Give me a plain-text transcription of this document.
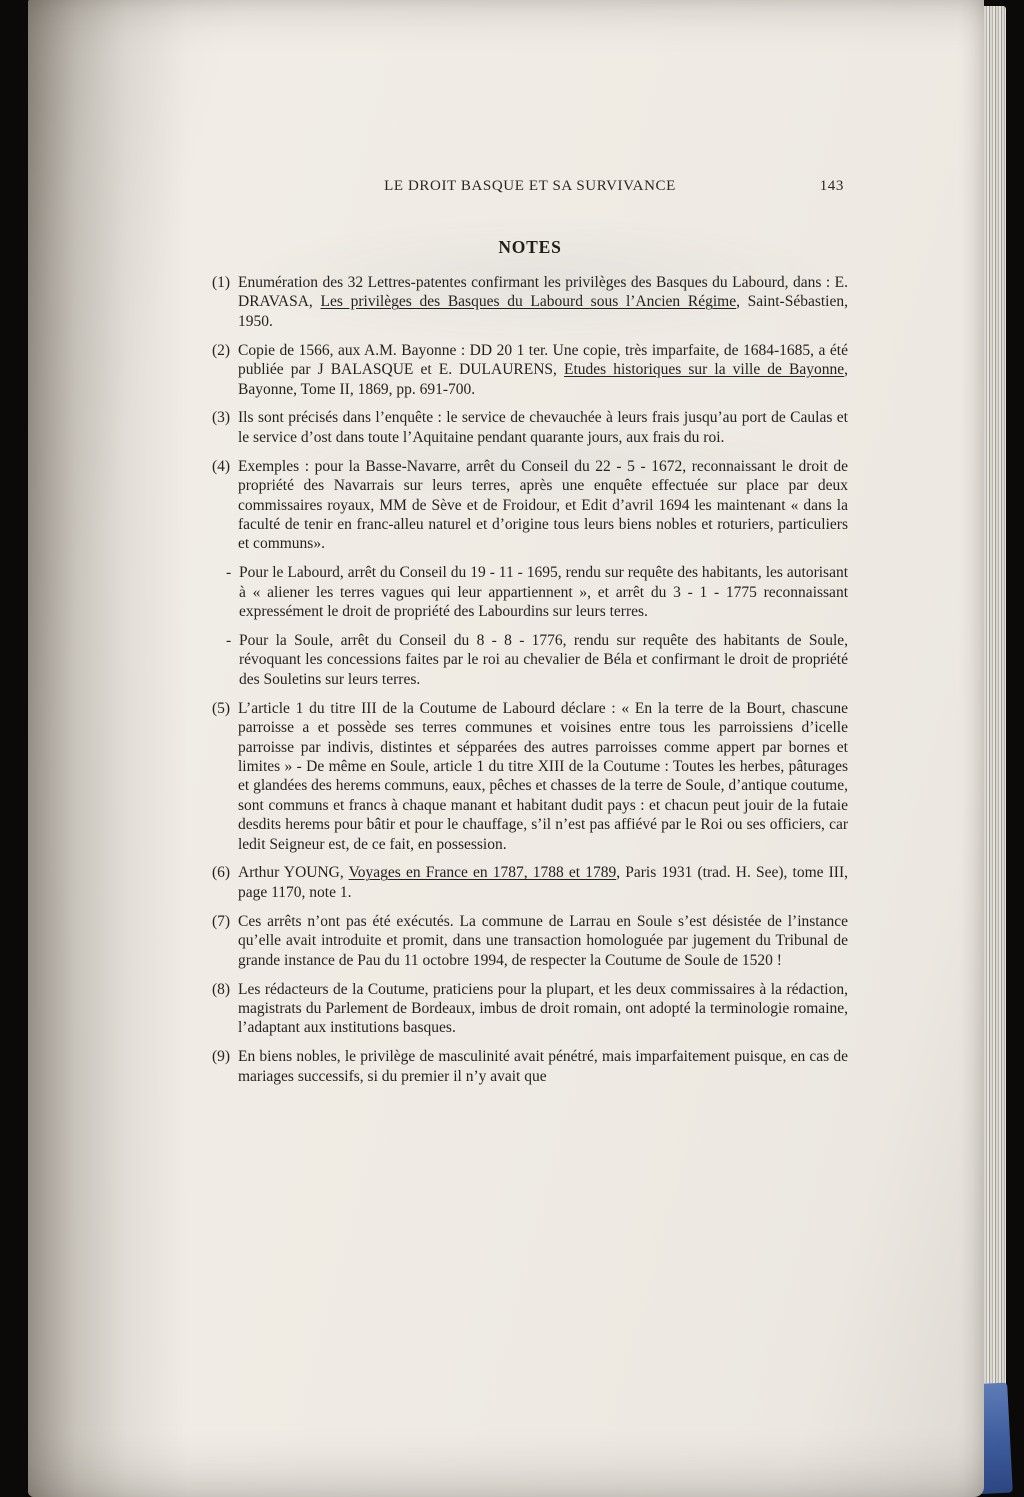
LE DROIT BASQUE ET SA SURVIVANCE	143
NOTES
(1) Enumération des 32 Lettres-patentes confirmant les privilèges des Basques du Labourd, dans : E. DRAVASA, Les privilèges des Basques du Labourd sous l’Ancien Régime, Saint-Sébastien, 1950.
(2) Copie de 1566, aux A.M. Bayonne : DD 20 1 ter. Une copie, très imparfaite, de 1684-1685, a été publiée par J BALASQUE et E. DULAURENS, Etudes historiques sur la ville de Bayonne, Bayonne, Tome II, 1869, pp. 691-700.
(3) Ils sont précisés dans l’enquête : le service de chevauchée à leurs frais jusqu’au port de Caulas et le service d’ost dans toute l’Aquitaine pendant quarante jours, aux frais du roi.
(4) Exemples : pour la Basse-Navarre, arrêt du Conseil du 22 - 5 - 1672, reconnaissant le droit de propriété des Navarrais sur leurs terres, après une enquête effectuée sur place par deux commissaires royaux, MM de Sève et de Froidour, et Edit d’avril 1694 les maintenant « dans la faculté de tenir en franc-alleu naturel et d’origine tous leurs biens nobles et roturiers, particuliers et communs».
- Pour le Labourd, arrêt du Conseil du 19 - 11 - 1695, rendu sur requête des habitants, les autorisant à « aliener les terres vagues qui leur appartiennent », et arrêt du 3 - 1 - 1775 reconnaissant expressément le droit de propriété des Labourdins sur leurs terres.
- Pour la Soule, arrêt du Conseil du 8 - 8 - 1776, rendu sur requête des habitants de Soule, révoquant les concessions faites par le roi au chevalier de Béla et confirmant le droit de propriété des Souletins sur leurs terres.
(5) L’article 1 du titre III de la Coutume de Labourd déclare : « En la terre de la Bourt, chascune parroisse a et possède ses terres communes et voisines entre tous les parroissiens d’icelle parroisse par indivis, distintes et sépparées des autres parroisses comme appert par bornes et limites » - De même en Soule, article 1 du titre XIII de la Coutume : Toutes les herbes, pâturages et glandées des herems communs, eaux, pêches et chasses de la terre de Soule, d’antique coutume, sont communs et francs à chaque manant et habitant dudit pays : et chacun peut jouir de la futaie desdits herems pour bâtir et pour le chauffage, s’il n’est pas affiévé par le Roi ou ses officiers, car ledit Seigneur est, de ce fait, en possession.
(6) Arthur YOUNG, Voyages en France en 1787, 1788 et 1789, Paris 1931 (trad. H. See), tome III, page 1170, note 1.
(7) Ces arrêts n’ont pas été exécutés. La commune de Larrau en Soule s’est désistée de l’instance qu’elle avait introduite et promit, dans une transaction homologuée par jugement du Tribunal de grande instance de Pau du 11 octobre 1994, de respecter la Coutume de Soule de 1520 !
(8) Les rédacteurs de la Coutume, praticiens pour la plupart, et les deux commissaires à la rédaction, magistrats du Parlement de Bordeaux, imbus de droit romain, ont adopté la terminologie romaine, l’adaptant aux institutions basques.
(9) En biens nobles, le privilège de masculinité avait pénétré, mais imparfaitement puisque, en cas de mariages successifs, si du premier il n’y avait que
